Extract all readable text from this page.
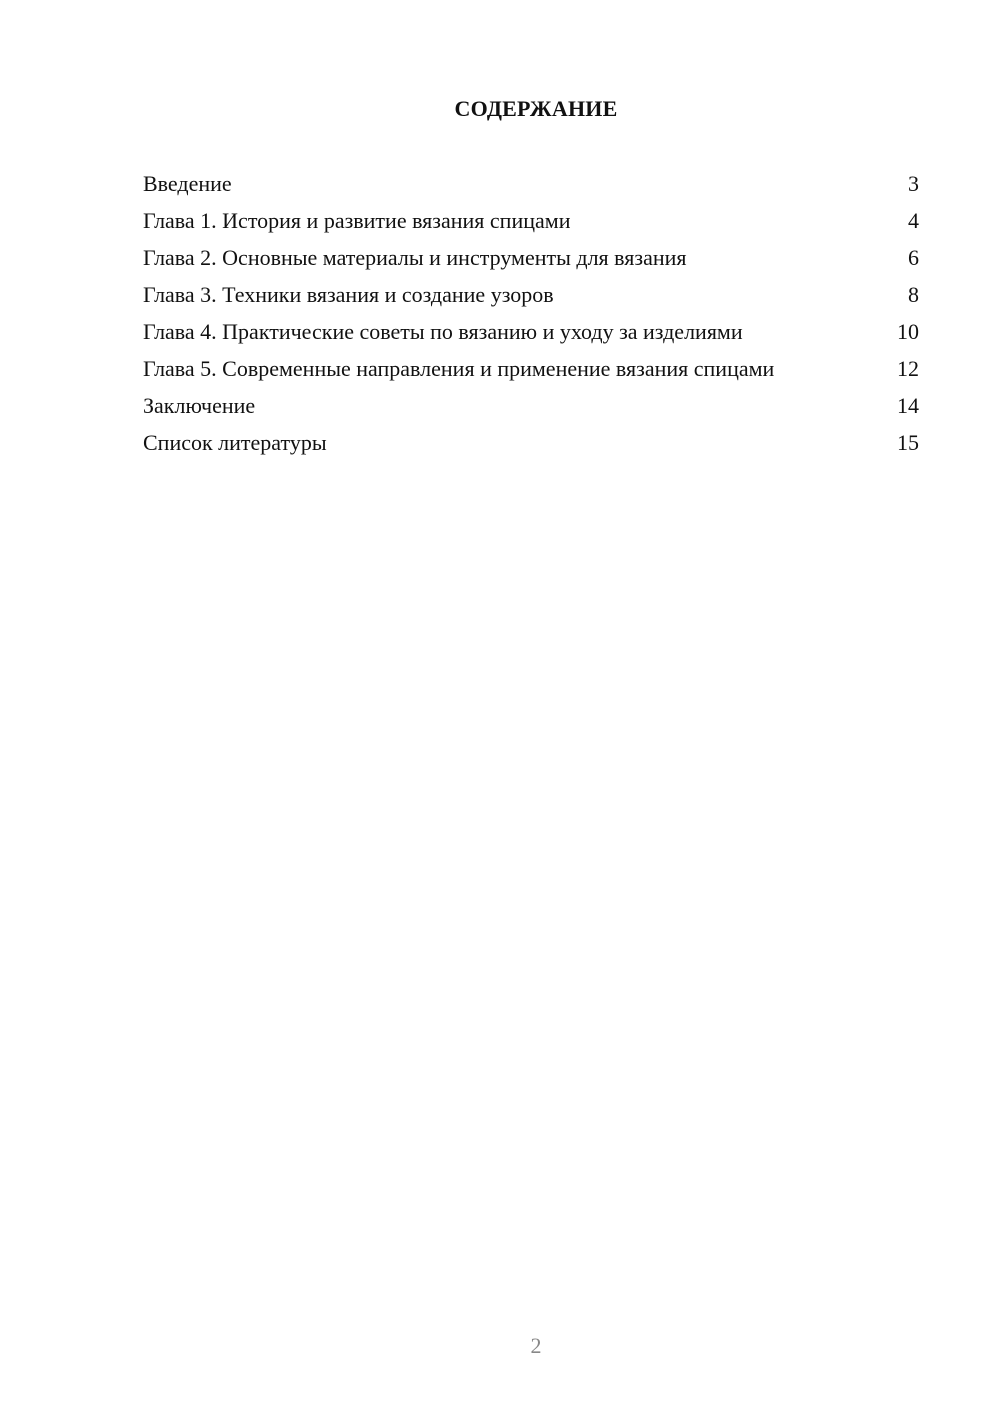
СОДЕРЖАНИЕ
Введение	3
Глава 1. История и развитие вязания спицами	4
Глава 2. Основные материалы и инструменты для вязания	6
Глава 3. Техники вязания и создание узоров	8
Глава 4. Практические советы по вязанию и уходу за изделиями	10
Глава 5. Современные направления и применение вязания спицами	12
Заключение	14
Список литературы	15
2
